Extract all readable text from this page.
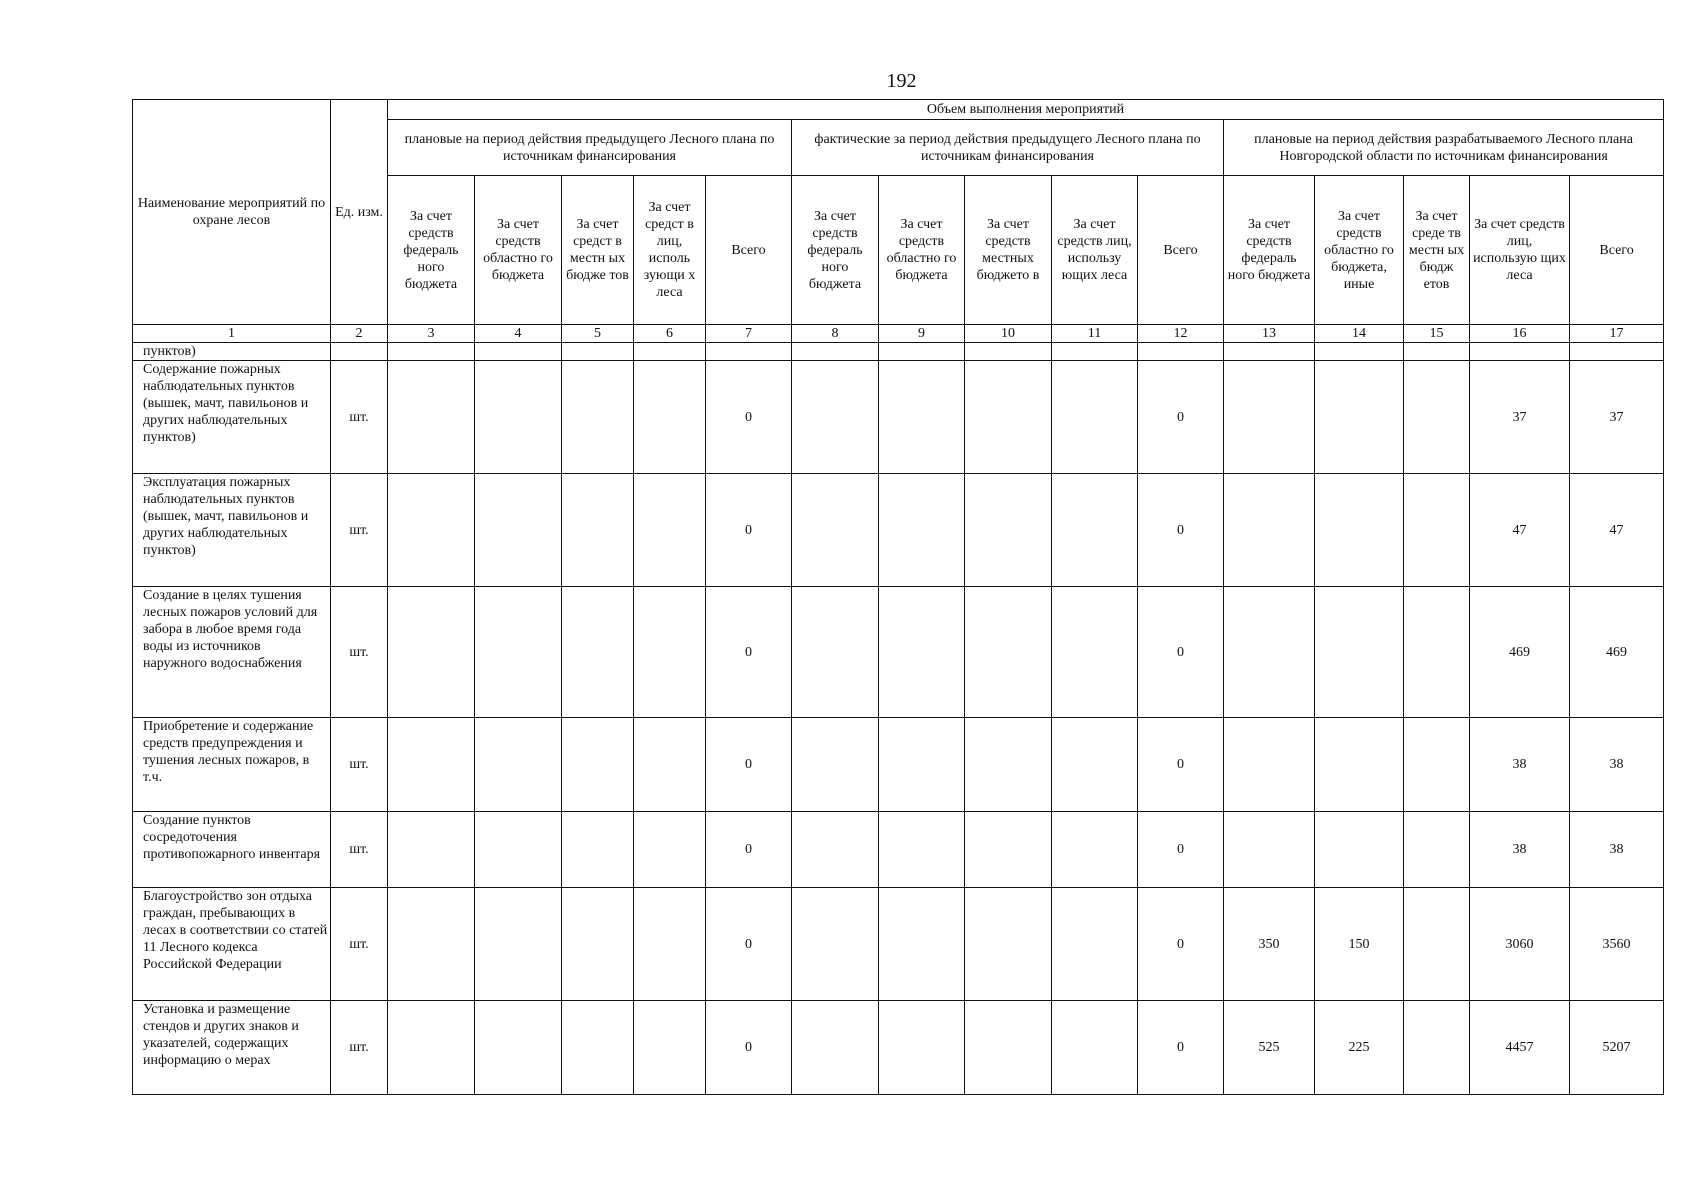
192
Наименование мероприятий по охране лесов	Ед. изм.	Объем выполнения мероприятий														
		плановые на период действия предыдущего Лесного плана по источникам финансирования					фактические за период действия предыдущего Лесного плана по источникам финансирования					плановые на период действия разрабатываемого Лесного плана Новгородской области по источникам финансирования				
		За счет средств федераль ного бюджета	За счет средств областно го бюджета	За счет средст в местн ых бюдже тов	За счет средст в лиц, исполь зующи х леса	Всего	За счет средств федераль ного бюджета	За счет средств областно го бюджета	За счет средств местных бюджето в	За счет средств лиц, использу ющих леса	Всего	За счет средств федераль ного бюджета	За счет средств областно го бюджета, иные	За счет среде тв местн ых бюдж етов	За счет средств лиц, использую щих леса	Всего
1	2	3	4	5	6	7	8	9	10	11	12	13	14	15	16	17
пунктов)																
Содержание пожарных наблюдательных пунктов (вышек, мачт, павильонов и других наблюдательных пунктов)	шт.					0					0				37	37
Эксплуатация пожарных наблюдательных пунктов (вышек, мачт, павильонов и других наблюдательных пунктов)	шт.					0					0				47	47
Создание в целях тушения лесных пожаров условий для забора в любое время года воды из источников наружного водоснабжения	шт.					0					0				469	469
Приобретение и содержание средств предупреждения и тушения лесных пожаров, в т.ч.	шт.					0					0				38	38
Создание пунктов сосредоточения противопожарного инвентаря	шт.					0					0				38	38
Благоустройство зон отдыха граждан, пребывающих в лесах в соответствии со статей 11 Лесного кодекса Российской Федерации	шт.					0					0	350	150		3060	3560
Установка и размещение стендов и других знаков и указателей, содержащих информацию о мерах	шт.					0					0	525	225		4457	5207
